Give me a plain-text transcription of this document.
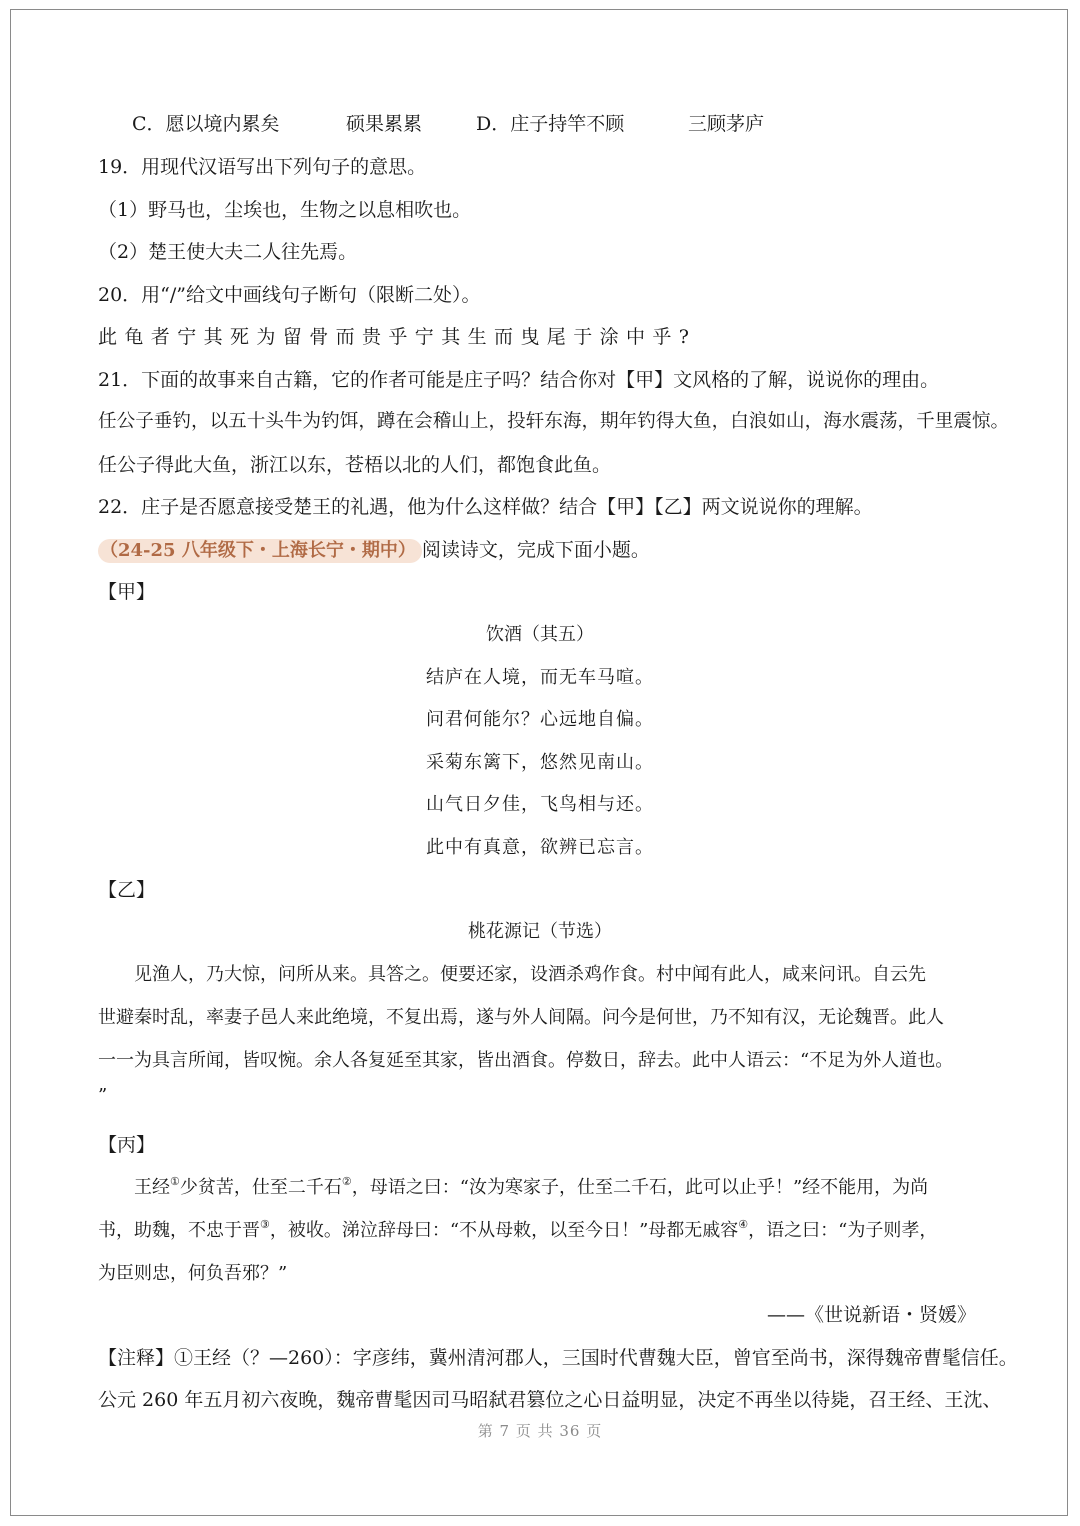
C．愿以境内累矣	硕果累累	D．庄子持竿不顾	三顾茅庐
19．用现代汉语写出下列句子的意思。
（1）野马也，尘埃也，生物之以息相吹也。
（2）楚王使大夫二人往先焉。
20．用“/”给文中画线句子断句（限断二处）。
此龟者宁其死为留骨而贵乎宁其生而曳尾于涂中乎?
21．下面的故事来自古籍，它的作者可能是庄子吗？结合你对【甲】文风格的了解，说说你的理由。
任公子垂钓，以五十头牛为钓饵，蹲在会稽山上，投轩东海，期年钓得大鱼，白浪如山，海水震荡，千里震惊。
任公子得此大鱼，浙江以东，苍梧以北的人们，都饱食此鱼。
22．庄子是否愿意接受楚王的礼遇，他为什么这样做？结合【甲】【乙】两文说说你的理解。
（24-25 八年级下・上海长宁・期中） 阅读诗文，完成下面小题。
【甲】
饮酒（其五）
结庐在人境，而无车马喧。
问君何能尔？心远地自偏。
采菊东篱下，悠然见南山。
山气日夕佳，飞鸟相与还。
此中有真意，欲辨已忘言。
【乙】
桃花源记（节选）
　　见渔人，乃大惊，问所从来。具答之。便要还家，设酒杀鸡作食。村中闻有此人，咸来问讯。自云先
世避秦时乱，率妻子邑人来此绝境，不复出焉，遂与外人间隔。问今是何世，乃不知有汉，无论魏晋。此人
一一为具言所闻，皆叹惋。余人各复延至其家，皆出酒食。停数日，辞去。此中人语云：“不足为外人道也。
”
【丙】
　　王经①少贫苦，仕至二千石②，母语之曰：“汝为寒家子，仕至二千石，此可以止乎！”经不能用，为尚
书，助魏，不忠于晋③，被收。涕泣辞母曰：“不从母敕，以至今日！”母都无戚容④，语之曰：“为子则孝，
为臣则忠，何负吾邪？”
——《世说新语・贤媛》
【注释】①王经（？—260）：字彦纬，冀州清河郡人，三国时代曹魏大臣，曾官至尚书，深得魏帝曹髦信任。
公元 260 年五月初六夜晚，魏帝曹髦因司马昭弑君篡位之心日益明显，决定不再坐以待毙，召王经、王沈、
第 7 页 共 36 页
